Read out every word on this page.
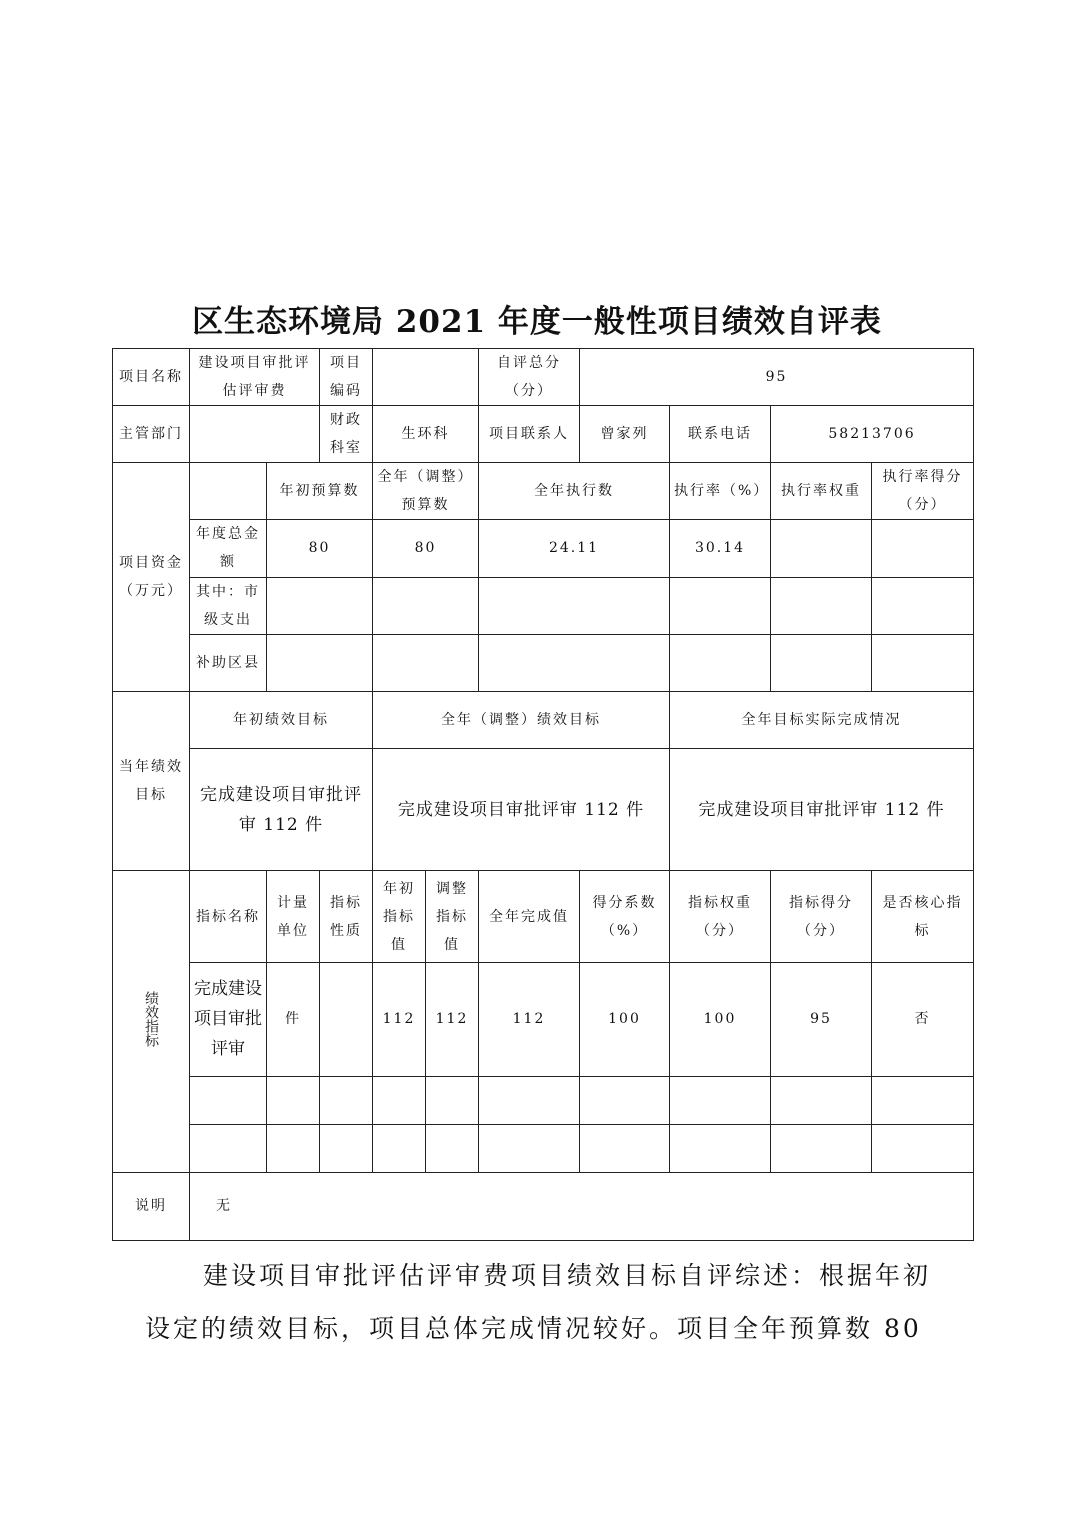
区生态环境局 2021 年度一般性项目绩效自评表
项目名称	建设项目审批评估评审费		项目编码			自评总分（分）	95			
主管部门			财政科室	生环科		项目联系人	曾家列	联系电话	58213706	
项目资金（万元）		年初预算数		全年（调整）预算数		全年执行数		执行率（%）	执行率权重	执行率得分（分）
	年度总金额	80		80		24.11		30.14		
	其中：市级支出									
	补助区县									
当年绩效目标	年初绩效目标			全年（调整）绩效目标				全年目标实际完成情况		
	完成建设项目审批评审 112 件			完成建设项目审批评审 112 件				完成建设项目审批评审 112 件		
绩效指标	指标名称	计量单位	指标性质	年初指标值	调整指标值	全年完成值	得分系数（%）	指标权重（分）	指标得分（分）	是否核心指标
	完成建设项目审批评审	件		112	112	112	100	100	95	否

说明	无									
建设项目审批评估评审费项目绩效目标自评综述：根据年初
设定的绩效目标，项目总体完成情况较好。项目全年预算数 80
